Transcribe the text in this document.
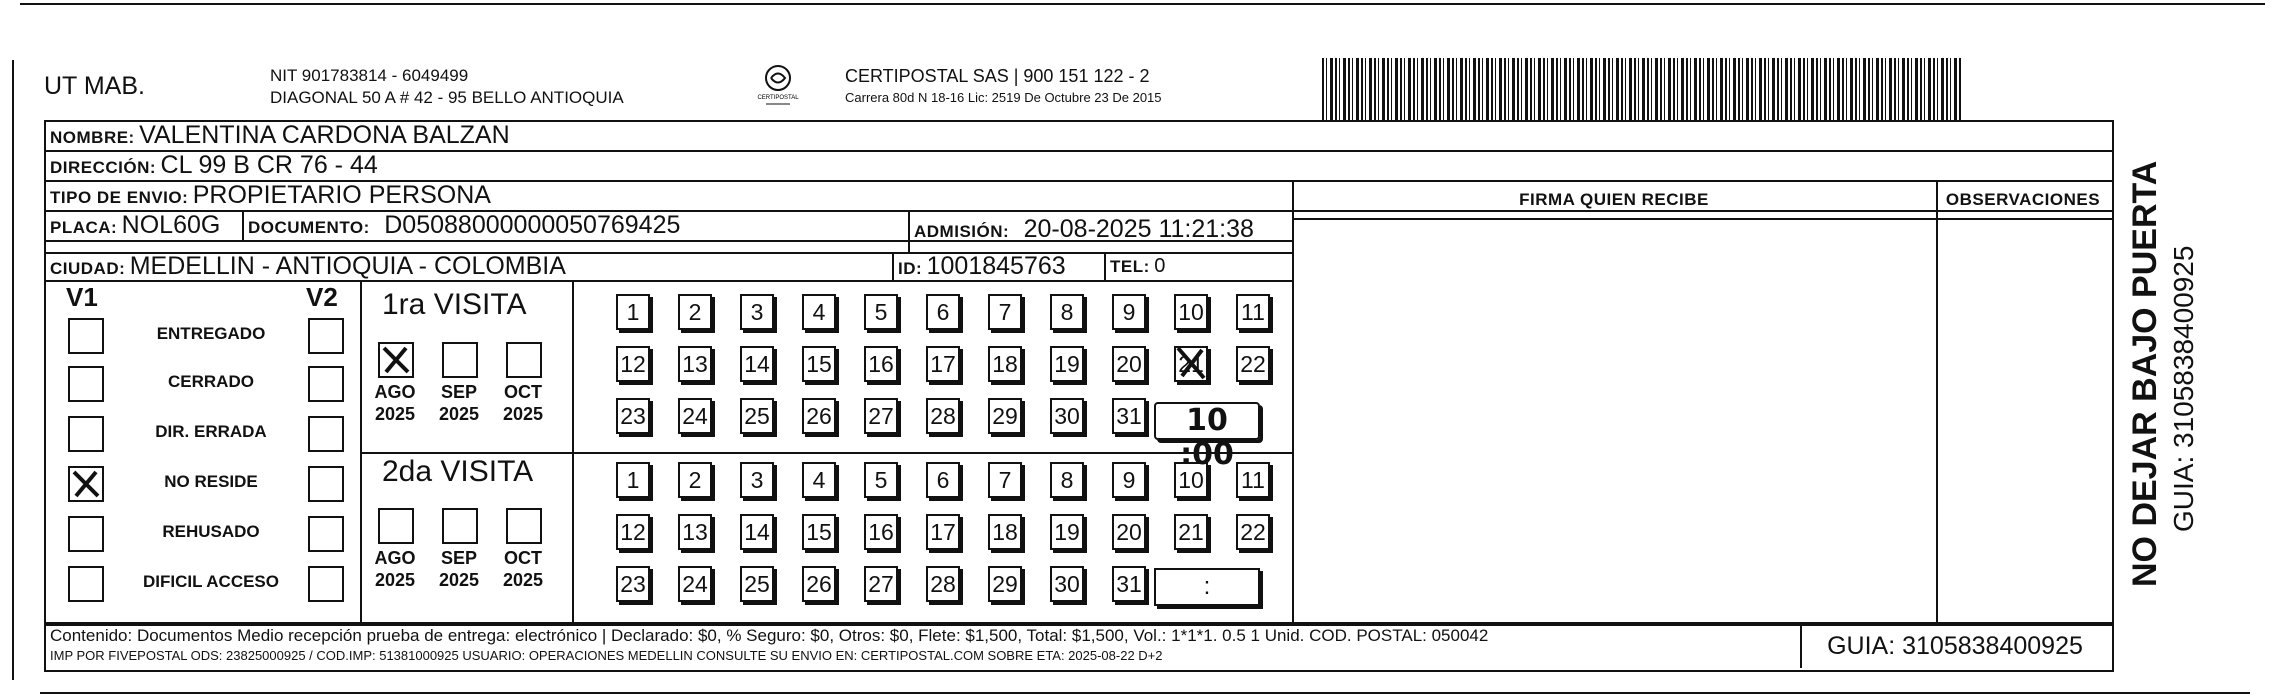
UT MAB.	NIT 901783814 - 6049499
DIAGONAL 50 A # 42 - 95 BELLO ANTIOQUIA	CERTIPOSTAL
CERTIPOSTAL SAS | 900 151 122 - 2
Carrera 80d N 18-16 Lic: 2519 De Octubre 23 De 2015
NOMBRE: VALENTINA CARDONA BALZAN
DIRECCIÓN: CL 99 B CR 76 - 44
TIPO DE ENVIO: PROPIETARIO PERSONA
PLACA: NOL60G DOCUMENTO: D05088000000050769425	ADMISIÓN: 20-08-2025 11:21:38
CIUDAD: MEDELLIN - ANTIOQUIA - COLOMBIA	ID: 1001845763	TEL: 0
FIRMA QUIEN RECIBE	OBSERVACIONES
V1	V2
ENTREGADO
CERRADO
DIR. ERRADA
NO RESIDE
REHUSADO
DIFICIL ACCESO
1ra VISITA
AGO
2025
SEP
2025
OCT
2025
1	2	3	4	5	6	7	8	9	10 11
12 13 14 15 16 17 18 19 20 21 22
23 24 25 26 27 28 29 30 31	10 :00
2da VISITA
AGO
2025
SEP
2025
OCT
2025
1	2	3	4	5	6	7	8	9	10 11
12 13 14 15 16 17 18 19 20 21 22
23 24 25 26 27 28 29 30 31	:
Contenido: Documentos Medio recepción prueba de entrega: electrónico | Declarado: $0, % Seguro: $0, Otros: $0, Flete: $1,500, Total: $1,500, Vol.: 1*1*1. 0.5 1 Unid. COD. POSTAL: 050042
IMP POR FIVEPOSTAL ODS: 23825000925 / COD.IMP: 51381000925 USUARIO: OPERACIONES MEDELLIN CONSULTE SU ENVIO EN: CERTIPOSTAL.COM SOBRE ETA: 2025-08-22 D+2	GUIA: 3105838400925
NO DEJAR BAJO PUERTA GUIA: 3105838400925
